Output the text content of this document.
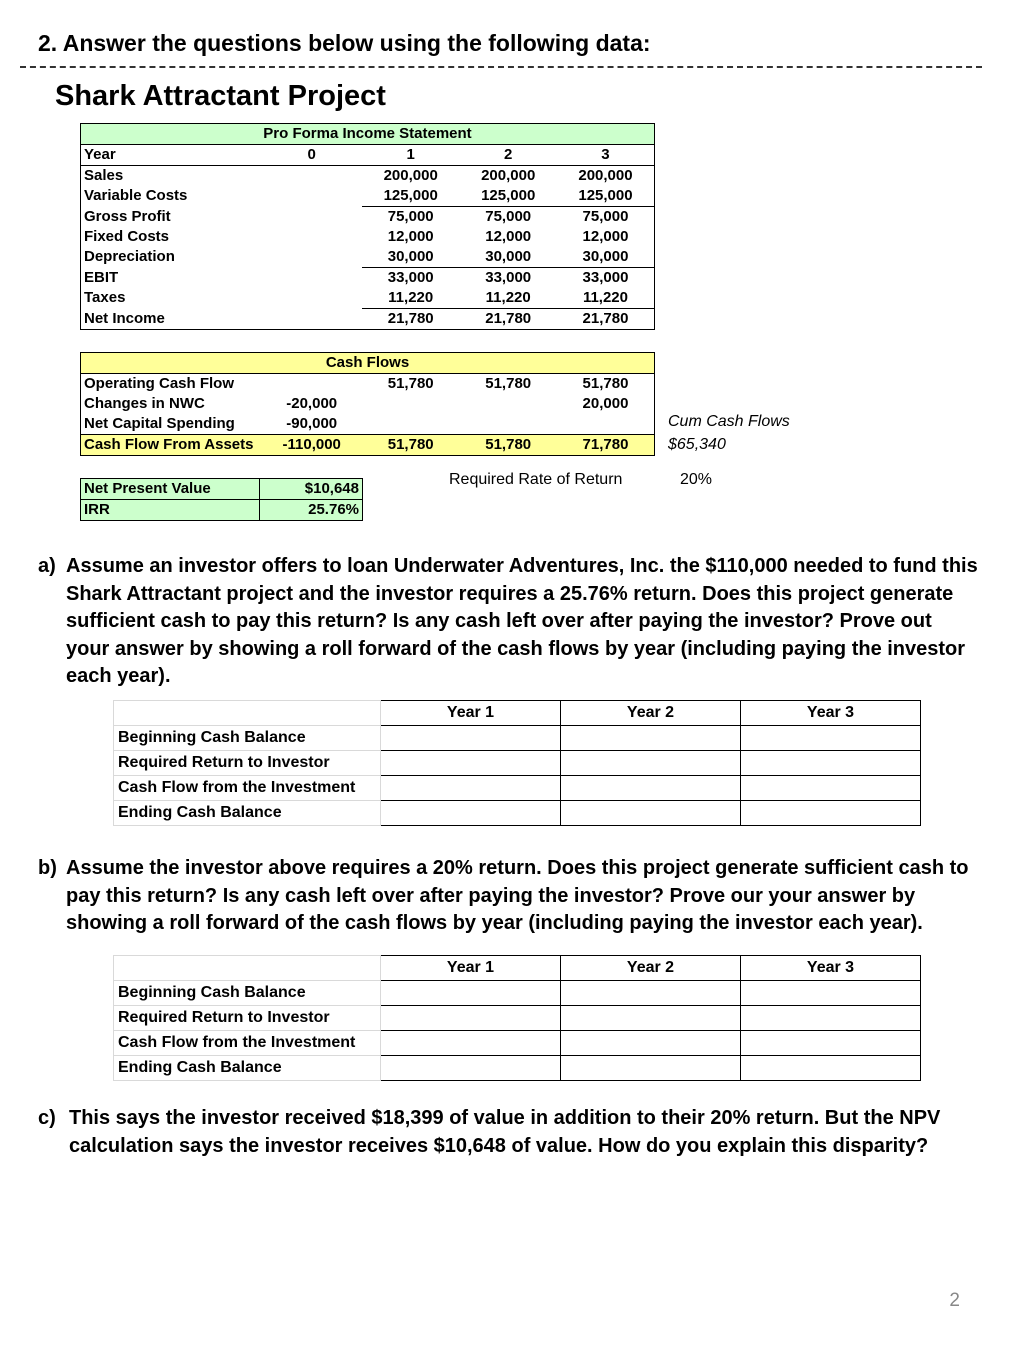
2. Answer the questions below using the following data:
Shark Attractant Project
Pro Forma Income Statement				
Year	0	1	2	3
Sales		200,000	200,000	200,000
Variable Costs		125,000	125,000	125,000
Gross Profit		75,000	75,000	75,000
Fixed Costs		12,000	12,000	12,000
Depreciation		30,000	30,000	30,000
EBIT		33,000	33,000	33,000
Taxes		11,220	11,220	11,220
Net Income		21,780	21,780	21,780
Cash Flows				
Operating Cash Flow		51,780	51,780	51,780
Changes in NWC	-20,000			20,000
Net Capital Spending	-90,000			
Cash Flow From Assets	-110,000	51,780	51,780	71,780
Cum Cash Flows
$65,340
Required Rate of Return	20%
Net Present Value	$10,648
IRR	25.76%
a) Assume an investor offers to loan Underwater Adventures, Inc. the $110,000 needed to fund this Shark Attractant project and the investor requires a 25.76% return. Does this project generate sufficient cash to pay this return? Is any cash left over after paying the investor? Prove out your answer by showing a roll forward of the cash flows by year (including paying the investor each year).
	Year 1	Year 2	Year 3
Beginning Cash Balance			
Required Return to Investor			
Cash Flow from the Investment			
Ending Cash Balance			
b) Assume the investor above requires a 20% return. Does this project generate sufficient cash to pay this return? Is any cash left over after paying the investor? Prove our your answer by showing a roll forward of the cash flows by year (including paying the investor each year).
	Year 1	Year 2	Year 3
Beginning Cash Balance			
Required Return to Investor			
Cash Flow from the Investment			
Ending Cash Balance			
c) This says the investor received $18,399 of value in addition to their 20% return. But the NPV calculation says the investor receives $10,648 of value. How do you explain this disparity?
2
